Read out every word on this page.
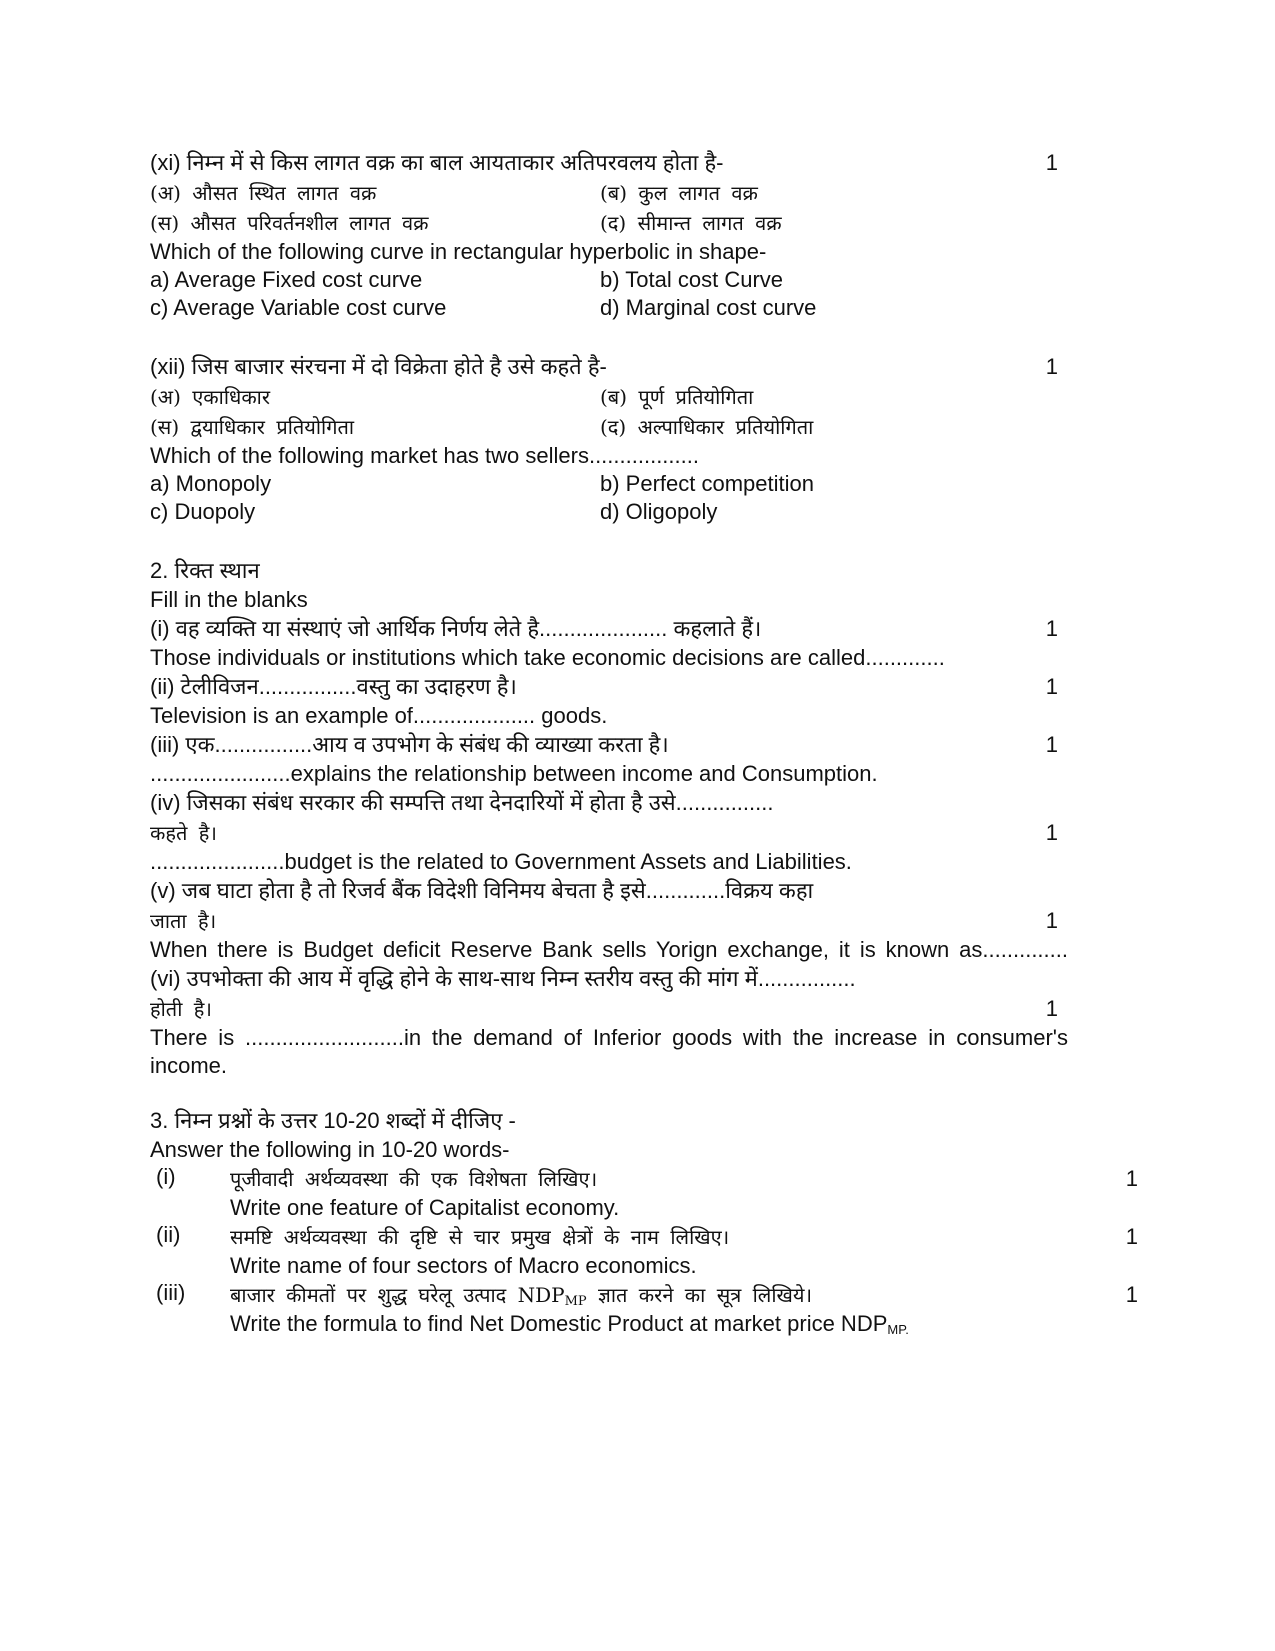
(xi) निम्न में से किस लागत वक्र का बाल आयताकार अतिपरवलय होता है-	1
(अ) औसत स्थित लागत वक्र	(ब) कुल लागत वक्र
(स) औसत परिवर्तनशील लागत वक्र	(द) सीमान्त लागत वक्र
Which of the following curve in rectangular hyperbolic in shape-
a) Average Fixed cost curve	b) Total cost Curve
c) Average Variable cost curve	d) Marginal cost curve
(xii) जिस बाजार संरचना में दो विक्रेता होते है उसे कहते है-	1
(अ) एकाधिकार	(ब) पूर्ण प्रतियोगिता
(स) द्वयाधिकार प्रतियोगिता	(द) अल्पाधिकार प्रतियोगिता
Which of the following market has two sellers..................
a) Monopoly	b) Perfect competition
c) Duopoly	d) Oligopoly
2. रिक्त स्थान
Fill in the blanks
(i) वह व्यक्ति या संस्थाएं जो आर्थिक निर्णय लेते है..................... कहलाते हैं।	1
Those individuals or institutions which take economic decisions are called.............
(ii) टेलीविजन................वस्तु का उदाहरण है।	1
Television is an example of.................... goods.
(iii) एक................आय व उपभोग के संबंध की व्याख्या करता है।	1
.......................explains the relationship between income and Consumption.
(iv) जिसका संबंध सरकार की सम्पत्ति तथा देनदारियों में होता है उसे................
कहते है।	1
......................budget is the related to Government Assets and Liabilities.
(v) जब घाटा होता है तो रिजर्व बैंक विदेशी विनिमय बेचता है इसे.............विक्रय कहा
जाता है।	1
When there is Budget deficit Reserve Bank sells Yorign exchange, it is known as..............
(vi) उपभोक्ता की आय में वृद्धि होने के साथ-साथ निम्न स्तरीय वस्तु की मांग में................
होती है।	1
There is ..........................in the demand of Inferior goods with the increase in consumer's income.
3. निम्न प्रश्नों के उत्तर 10-20 शब्दों में दीजिए -
Answer the following in 10-20 words-
(i)	पूजीवादी अर्थव्यवस्था की एक विशेषता लिखिए।	1
Write one feature of Capitalist economy.
(ii) समष्टि अर्थव्यवस्था की दृष्टि से चार प्रमुख क्षेत्रों के नाम लिखिए।	1
Write name of four sectors of Macro economics.
(iii) बाजार कीमतों पर शुद्ध घरेलू उत्पाद $NDP_{MP}$ ज्ञात करने का सूत्र लिखिये।	1
Write the formula to find Net Domestic Product at market price $NDP_{MP.}$
